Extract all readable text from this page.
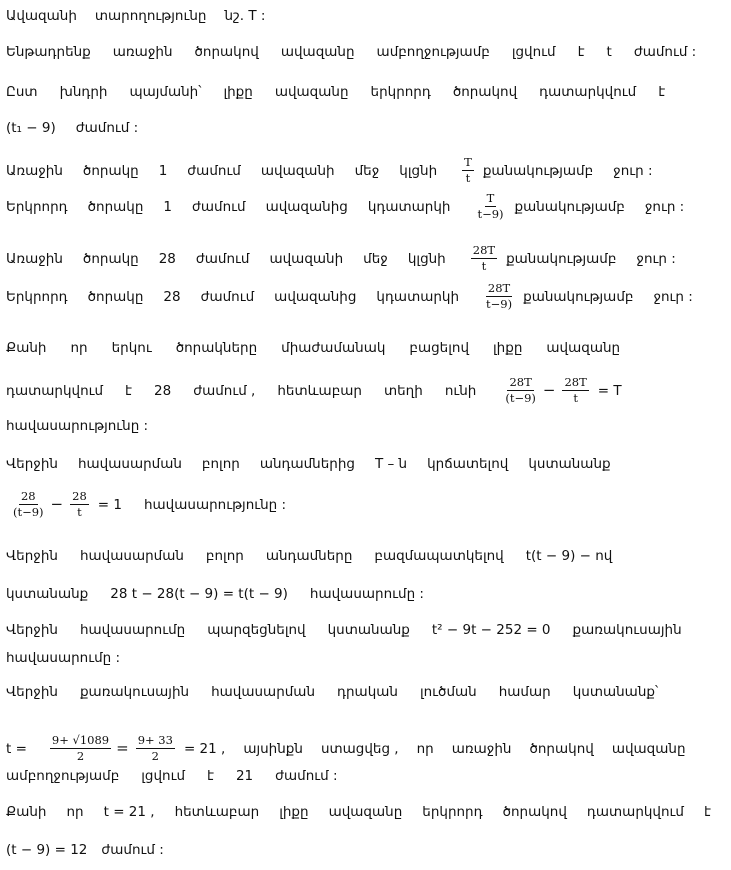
Ավազանի տարողությունը նշ. T :
Ենթադրենք առաջին ծորակով ավազանը ամբողջությամբ լցվում է t ժամում :
Ըստ խնդրի պայմանի՝ լիքը ավազանը երկրորդ ծորակով դատարկվում է
(t₁ − 9) ժամում :
Առաջին ծորակը 1 ժամում ավազանի մեջ կլցնի $\frac{T}{t}$ քանակությամբ ջուր :
Երկրորդ ծորակը 1 ժամում ավազանից կդատարկի $\frac{T}{t-9)}$ քանակությամբ ջուր :
Առաջին ծորակը 28 ժամում ավազանի մեջ կլցնի $\frac{28T}{t}$ քանակությամբ ջուր :
Երկրորդ ծորակը 28 ժամում ավազանից կդատարկի $\frac{28T}{t-9)}$ քանակությամբ ջուր :
Քանի որ երկու ծորակները միաժամանակ բացելով լիքը ավազանը
դատարկվում է 28 ժամում , հետևաբար տեղի ունի $\frac{28T}{(t-9)} - \frac{28T}{t} = T$
հավասարությունը :
Վերջին հավասարման բոլոր անդամներից T – ն կրճատելով կստանանք
$\frac{28}{(t-9)} - \frac{28}{t} = 1$ հավասարությունը :
Վերջին հավասարման բոլոր անդամները բազմապատկելով t(t − 9) − ով
կստանանք 28 t − 28(t − 9) = t(t − 9) հավասարումը :
Վերջին հավասարումը պարզեցնելով կստանանք t² − 9t − 252 = 0 քառակուսային
հավասարումը :
Վերջին քառակուսային հավասարման դրական լուծման համար կստանանք՝
$t = \frac{9+ √1089}{2} = \frac{9+ 33}{2} = 21$ , այսինքն ստացվեց , որ առաջին ծորակով ավազանը
ամբողջությամբ լցվում է 21 ժամում :
Քանի որ t = 21 , հետևաբար լիքը ավազանը երկրորդ ծորակով դատարկվում է
(t − 9) = 12 ժամում :
